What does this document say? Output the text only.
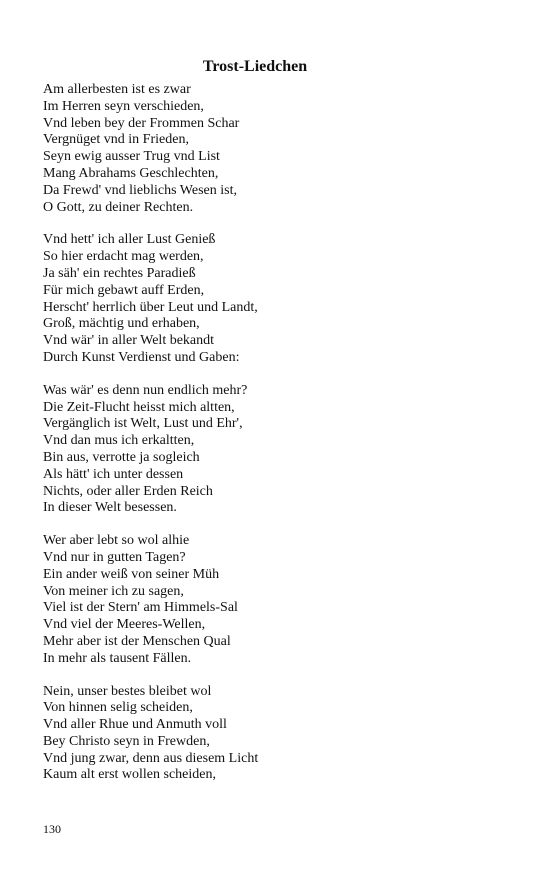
Trost-Liedchen
Am allerbesten ist es zwar
Im Herren seyn verschieden,
Vnd leben bey der Frommen Schar
Vergnüget vnd in Frieden,
Seyn ewig ausser Trug vnd List
Mang Abrahams Geschlechten,
Da Frewd' vnd lieblichs Wesen ist,
O Gott, zu deiner Rechten.
Vnd hett' ich aller Lust Genieß
So hier erdacht mag werden,
Ja säh' ein rechtes Paradieß
Für mich gebawt auff Erden,
Herscht' herrlich über Leut und Landt,
Groß, mächtig und erhaben,
Vnd wär' in aller Welt bekandt
Durch Kunst Verdienst und Gaben:
Was wär' es denn nun endlich mehr?
Die Zeit-Flucht heisst mich altten,
Vergänglich ist Welt, Lust und Ehr',
Vnd dan mus ich erkaltten,
Bin aus, verrotte ja sogleich
Als hätt' ich unter dessen
Nichts, oder aller Erden Reich
In dieser Welt besessen.
Wer aber lebt so wol alhie
Vnd nur in gutten Tagen?
Ein ander weiß von seiner Müh
Von meiner ich zu sagen,
Viel ist der Stern' am Himmels-Sal
Vnd viel der Meeres-Wellen,
Mehr aber ist der Menschen Qual
In mehr als tausent Fällen.
Nein, unser bestes bleibet wol
Von hinnen selig scheiden,
Vnd aller Rhue und Anmuth voll
Bey Christo seyn in Frewden,
Vnd jung zwar, denn aus diesem Licht
Kaum alt erst wollen scheiden,
130
